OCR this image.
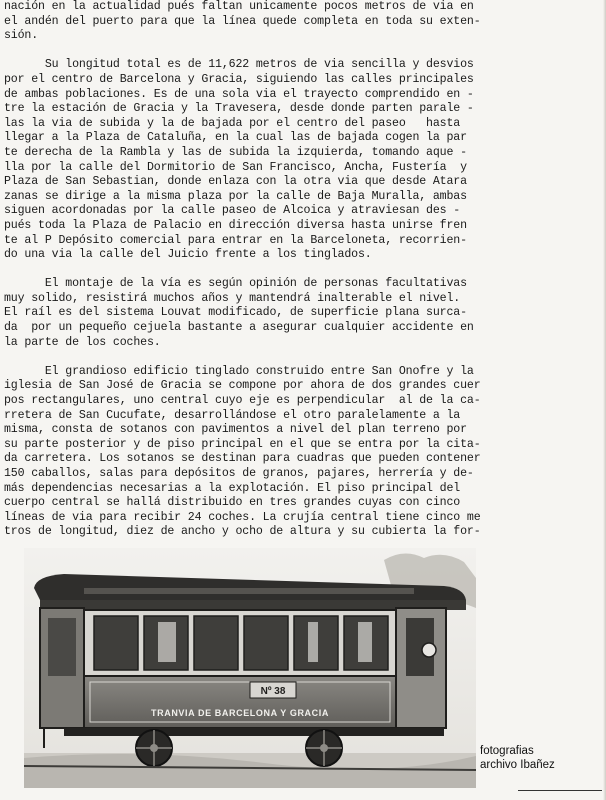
nación en la actualidad pués faltan unicamente pocos metros de via en
el andén del puerto para que la línea quede completa en toda su exten-
sión.
Su longitud total es de 11,622 metros de via sencilla y desvios
por el centro de Barcelona y Gracia, siguiendo las calles principales
de ambas poblaciones. Es de una sola via el trayecto comprendido en -
tre la estación de Gracia y la Travesera, desde donde parten parale -
las la via de subida y la de bajada por el centro del paseo   hasta
llegar a la Plaza de Cataluña, en la cual las de bajada cogen la par
te derecha de la Rambla y las de subida la izquierda, tomando aque -
lla por la calle del Dormitorio de San Francisco, Ancha, Fustería  y
Plaza de San Sebastian, donde enlaza con la otra via que desde Atara
zanas se dirige a la misma plaza por la calle de Baja Muralla, ambas
siguen acordonadas por la calle paseo de Alcoica y atraviesan des -
pués toda la Plaza de Palacio en dirección diversa hasta unirse fren
te al P Depósito comercial para entrar en la Barceloneta, recorrien-
do una via la calle del Juicio frente a los tinglados.
El montaje de la vía es según opinión de personas facultativas
muy solido, resistirá muchos años y mantendrá inalterable el nivel.
El raíl es del sistema Louvat modificado, de superficie plana surca-
da  por un pequeño cejuela bastante a asegurar cualquier accidente en
la parte de los coches.
El grandioso edificio tinglado construido entre San Onofre y la
iglesia de San José de Gracia se compone por ahora de dos grandes cuer
pos rectangulares, uno central cuyo eje es perpendicular  al de la ca-
rretera de San Cucufate, desarrollándose el otro paralelamente a la
misma, consta de sotanos con pavimentos a nivel del plan terreno por
su parte posterior y de piso principal en el que se entra por la cita-
da carretera. Los sotanos se destinan para cuadras que pueden contener
150 caballos, salas para depósitos de granos, pajares, herrería y de-
más dependencias necesarias a la explotación. El piso principal del
cuerpo central se hallá distribuido en tres grandes cuyas con cinco
líneas de via para recibir 24 coches. La crujía central tiene cinco me
tros de longitud, diez de ancho y ocho de altura y su cubierta la for-
Nº 38
TRANVIA DE BARCELONA Y GRACIA
fotografias
archivo Ibañez
